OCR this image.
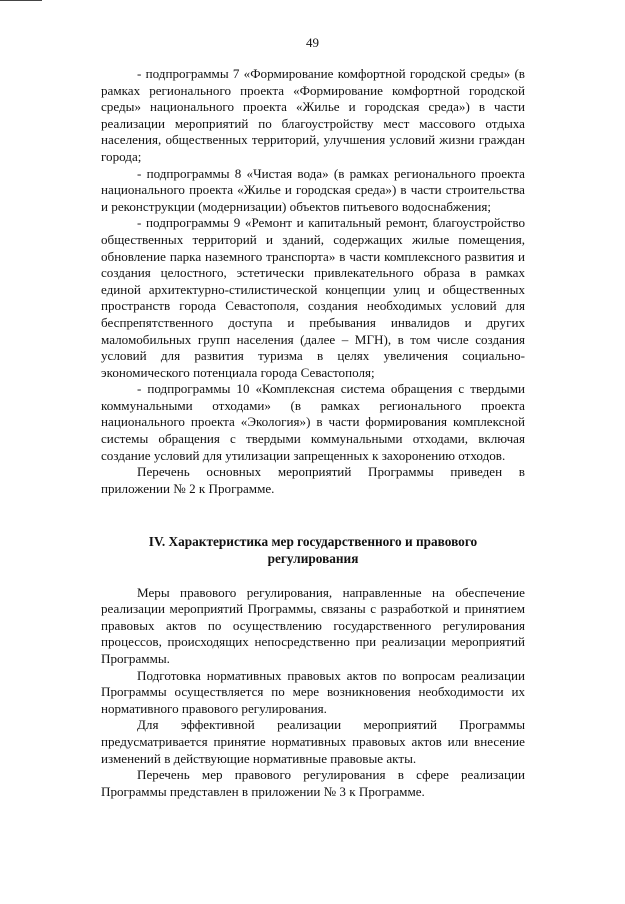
49

- подпрограммы 7 «Формирование комфортной городской среды» (в рамках регионального проекта «Формирование комфортной городской среды» национального проекта «Жилье и городская среда») в части реализации мероприятий по благоустройству мест массового отдыха населения, общественных территорий, улучшения условий жизни граждан города;

- подпрограммы 8 «Чистая вода» (в рамках регионального проекта национального проекта «Жилье и городская среда») в части строительства и реконструкции (модернизации) объектов питьевого водоснабжения;

- подпрограммы 9 «Ремонт и капитальный ремонт, благоустройство общественных территорий и зданий, содержащих жилые помещения, обновление парка наземного транспорта» в части комплексного развития и создания целостного, эстетически привлекательного образа в рамках единой архитектурно-стилистической концепции улиц и общественных пространств города Севастополя, создания необходимых условий для беспрепятственного доступа и пребывания инвалидов и других маломобильных групп населения (далее – МГН), в том числе создания условий для развития туризма в целях увеличения социально-экономического потенциала города Севастополя;

- подпрограммы 10 «Комплексная система обращения с твердыми коммунальными отходами» (в рамках регионального проекта национального проекта «Экология») в части формирования комплексной системы обращения с твердыми коммунальными отходами, включая создание условий для утилизации запрещенных к захоронению отходов.

Перечень основных мероприятий Программы приведен в приложении № 2 к Программе.

IV. Характеристика мер государственного и правового регулирования

Меры правового регулирования, направленные на обеспечение реализации мероприятий Программы, связаны с разработкой и принятием правовых актов по осуществлению государственного регулирования процессов, происходящих непосредственно при реализации мероприятий Программы.

Подготовка нормативных правовых актов по вопросам реализации Программы осуществляется по мере возникновения необходимости их нормативного правового регулирования.

Для эффективной реализации мероприятий Программы предусматривается принятие нормативных правовых актов или внесение изменений в действующие нормативные правовые акты.

Перечень мер правового регулирования в сфере реализации Программы представлен в приложении № 3 к Программе.
